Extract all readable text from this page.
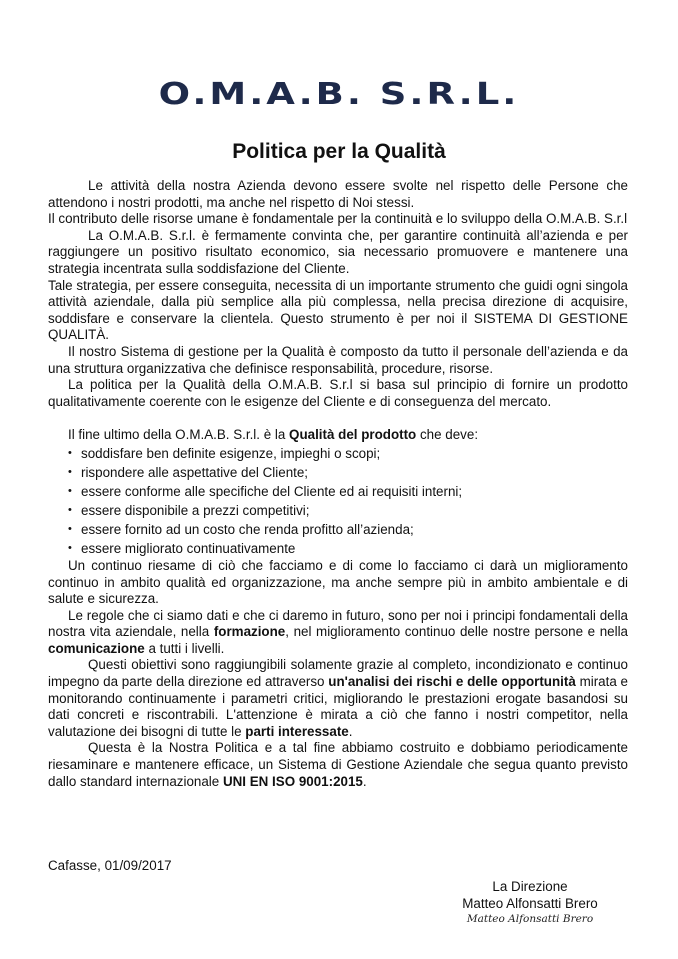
O.M.A.B. S.R.L.
Politica per la Qualità

Le attività della nostra Azienda devono essere svolte nel rispetto delle Persone che attendono i nostri prodotti, ma anche nel rispetto di Noi stessi.

Il contributo delle risorse umane è fondamentale per la continuità e lo sviluppo della O.M.A.B. S.r.l

La O.M.A.B. S.r.l. è fermamente convinta che, per garantire continuità all’azienda e per raggiungere un positivo risultato economico, sia necessario promuovere e mantenere una strategia incentrata sulla soddisfazione del Cliente.

Tale strategia, per essere conseguita, necessita di un importante strumento che guidi ogni singola attività aziendale, dalla più semplice alla più complessa, nella precisa direzione di acquisire, soddisfare e conservare la clientela. Questo strumento è per noi il SISTEMA DI GESTIONE QUALITÀ.

Il nostro Sistema di gestione per la Qualità è composto da tutto il personale dell’azienda e da una struttura organizzativa che definisce responsabilità, procedure, risorse.

La politica per la Qualità della O.M.A.B. S.r.l si basa sul principio di fornire un prodotto qualitativamente coerente con le esigenze del Cliente e di conseguenza del mercato.

Il fine ultimo della O.M.A.B. S.r.l. è la Qualità del prodotto che deve:

• soddisfare ben definite esigenze, impieghi o scopi;
• rispondere alle aspettative del Cliente;
• essere conforme alle specifiche del Cliente ed ai requisiti interni;
• essere disponibile a prezzi competitivi;
• essere fornito ad un costo che renda profitto all’azienda;
• essere migliorato continuativamente

Un continuo riesame di ciò che facciamo e di come lo facciamo ci darà un miglioramento continuo in ambito qualità ed organizzazione, ma anche sempre più in ambito ambientale e di salute e sicurezza.

Le regole che ci siamo dati e che ci daremo in futuro, sono per noi i principi fondamentali della nostra vita aziendale, nella formazione, nel miglioramento continuo delle nostre persone e nella comunicazione a tutti i livelli.

Questi obiettivi sono raggiungibili solamente grazie al completo, incondizionato e continuo impegno da parte della direzione ed attraverso un'analisi dei rischi e delle opportunità mirata e monitorando continuamente i parametri critici, migliorando le prestazioni erogate basandosi su dati concreti e riscontrabili. L'attenzione è mirata a ciò che fanno i nostri competitor, nella valutazione dei bisogni di tutte le parti interessate.

Questa è la Nostra Politica e a tal fine abbiamo costruito e dobbiamo periodicamente riesaminare e mantenere efficace, un Sistema di Gestione Aziendale che segua quanto previsto dallo standard internazionale UNI EN ISO 9001:2015.

Cafasse, 01/09/2017
La Direzione
Matteo Alfonsatti Brero
Matteo Alfonsatti Brero
